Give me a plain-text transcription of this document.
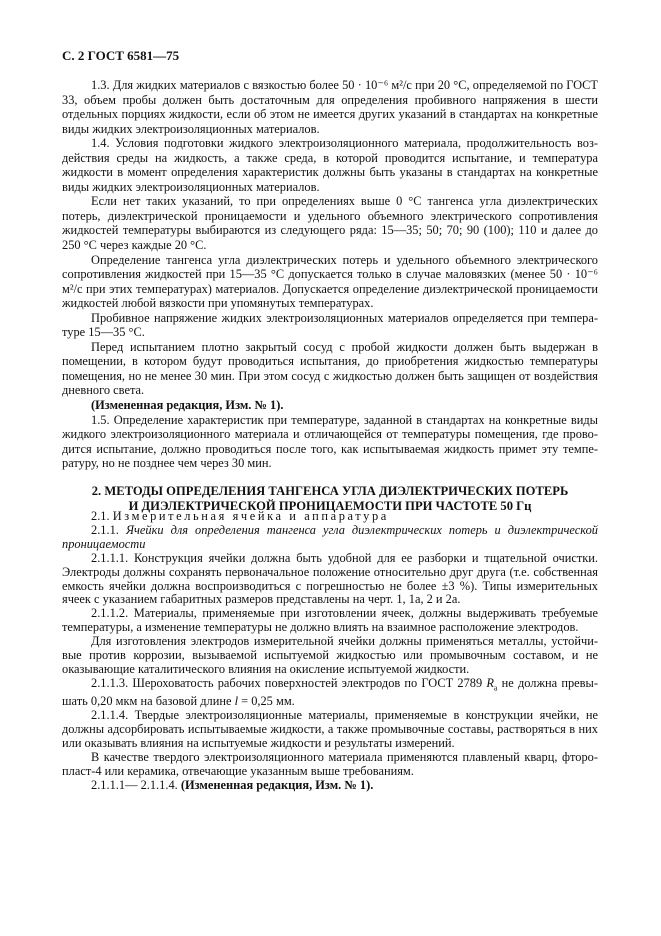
С. 2 ГОСТ 6581—75

1.3. Для жидких материалов с вязкостью более 50 · 10⁻⁶ м²/с при 20 °С, определяемой по ГОСТ 33, объем пробы должен быть достаточным для определения пробивного напряжения в шести отдельных порциях жидкости, если об этом не имеется других указаний в стандартах на конкретные виды жидких электроизоляционных материалов.

1.4. Условия подготовки жидкого электроизоляционного материала, продолжительность воздействия среды на жидкость, а также среда, в которой проводится испытание, и температура жидкости в момент определения характеристик должны быть указаны в стандартах на конкретные виды жидких электроизоляционных материалов.

Если нет таких указаний, то при определениях выше 0 °С тангенса угла диэлектрических потерь, диэлектрической проницаемости и удельного объемного электрического сопротивления жидкостей температуры выбираются из следующего ряда: 15—35; 50; 70; 90 (100); 110 и далее до 250 °С через каждые 20 °С.

Определение тангенса угла диэлектрических потерь и удельного объемного электрического сопротивления жидкостей при 15—35 °С допускается только в случае маловязких (менее 50 · 10⁻⁶ м²/с при этих температурах) материалов. Допускается определение диэлектрической проницаемости жидкостей любой вязкости при упомянутых температурах.

Пробивное напряжение жидких электроизоляционных материалов определяется при температуре 15—35 °С.

Перед испытанием плотно закрытый сосуд с пробой жидкости должен быть выдержан в помещении, в котором будут проводиться испытания, до приобретения жидкостью температуры помещения, но не менее 30 мин. При этом сосуд с жидкостью должен быть защищен от воздействия дневного света.

(Измененная редакция, Изм. № 1).

1.5. Определение характеристик при температуре, заданной в стандартах на конкретные виды жидкого электроизоляционного материала и отличающейся от температуры помещения, где проводится испытание, должно проводиться после того, как испытываемая жидкость примет эту температуру, но не позднее чем через 30 мин.

2. МЕТОДЫ ОПРЕДЕЛЕНИЯ ТАНГЕНСА УГЛА ДИЭЛЕКТРИЧЕСКИХ ПОТЕРЬ
И ДИЭЛЕКТРИЧЕСКОЙ ПРОНИЦАЕМОСТИ ПРИ ЧАСТОТЕ 50 Гц

2.1. Измерительная ячейка и аппаратура

2.1.1. Ячейки для определения тангенса угла диэлектрических потерь и диэлектрической проницаемости

2.1.1.1. Конструкция ячейки должна быть удобной для ее разборки и тщательной очистки. Электроды должны сохранять первоначальное положение относительно друг друга (т.е. собственная емкость ячейки должна воспроизводиться с погрешностью не более ±3 %). Типы измерительных ячеек с указанием габаритных размеров представлены на черт. 1, 1а, 2 и 2а.

2.1.1.2. Материалы, применяемые при изготовлении ячеек, должны выдерживать требуемые температуры, а изменение температуры не должно влиять на взаимное расположение электродов.

Для изготовления электродов измерительной ячейки должны применяться металлы, устойчивые против коррозии, вызываемой испытуемой жидкостью или промывочным составом, и не оказывающие каталитического влияния на окисление испытуемой жидкости.

2.1.1.3. Шероховатость рабочих поверхностей электродов по ГОСТ 2789 $R_a$ не должна превышать 0,20 мкм на базовой длине l = 0,25 мм.

2.1.1.4. Твердые электроизоляционные материалы, применяемые в конструкции ячейки, не должны адсорбировать испытываемые жидкости, а также промывочные составы, растворяться в них или оказывать влияния на испытуемые жидкости и результаты измерений.

В качестве твердого электроизоляционного материала применяются плавленый кварц, фторопласт-4 или керамика, отвечающие указанным выше требованиям.

2.1.1.1— 2.1.1.4. (Измененная редакция, Изм. № 1).
